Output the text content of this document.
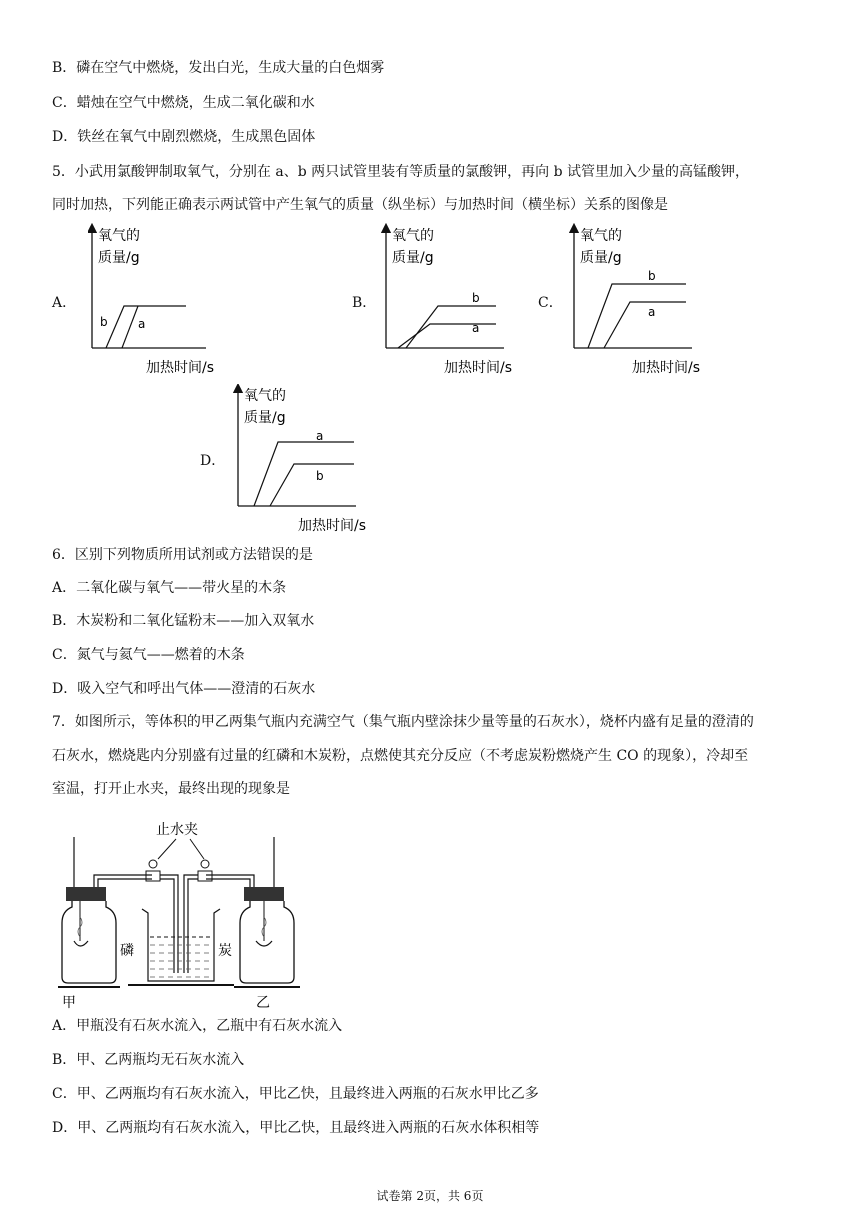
B．磷在空气中燃烧，发出白光，生成大量的白色烟雾
C．蜡烛在空气中燃烧，生成二氧化碳和水
D．铁丝在氧气中剧烈燃烧，生成黑色固体
5．小武用氯酸钾制取氧气，分别在 a、b 两只试管里装有等质量的氯酸钾，再向 b 试管里加入少量的高锰酸钾，
同时加热，下列能正确表示两试管中产生氧气的质量（纵坐标）与加热时间（横坐标）关系的图像是
A．
氧气的
质量/g
b	a
加热时间/s
B．
氧气的
质量/g
b
a
加热时间/s
C．
氧气的
质量/g
b
a
加热时间/s
D．
氧气的
质量/g
a
b
加热时间/s
6．区别下列物质所用试剂或方法错误的是
A．二氧化碳与氧气——带火星的木条
B．木炭粉和二氧化锰粉末——加入双氧水
C．氮气与氦气——燃着的木条
D．吸入空气和呼出气体——澄清的石灰水
7．如图所示，等体积的甲乙两集气瓶内充满空气（集气瓶内壁涂抹少量等量的石灰水），烧杯内盛有足量的澄清的
石灰水，燃烧匙内分别盛有过量的红磷和木炭粉，点燃使其充分反应（不考虑炭粉燃烧产生 CO 的现象），冷却至
室温，打开止水夹，最终出现的现象是
止水夹
磷	炭
甲	乙
A．甲瓶没有石灰水流入，乙瓶中有石灰水流入
B．甲、乙两瓶均无石灰水流入
C．甲、乙两瓶均有石灰水流入，甲比乙快，且最终进入两瓶的石灰水甲比乙多
D．甲、乙两瓶均有石灰水流入，甲比乙快，且最终进入两瓶的石灰水体积相等
试卷第 2页，共 6页
